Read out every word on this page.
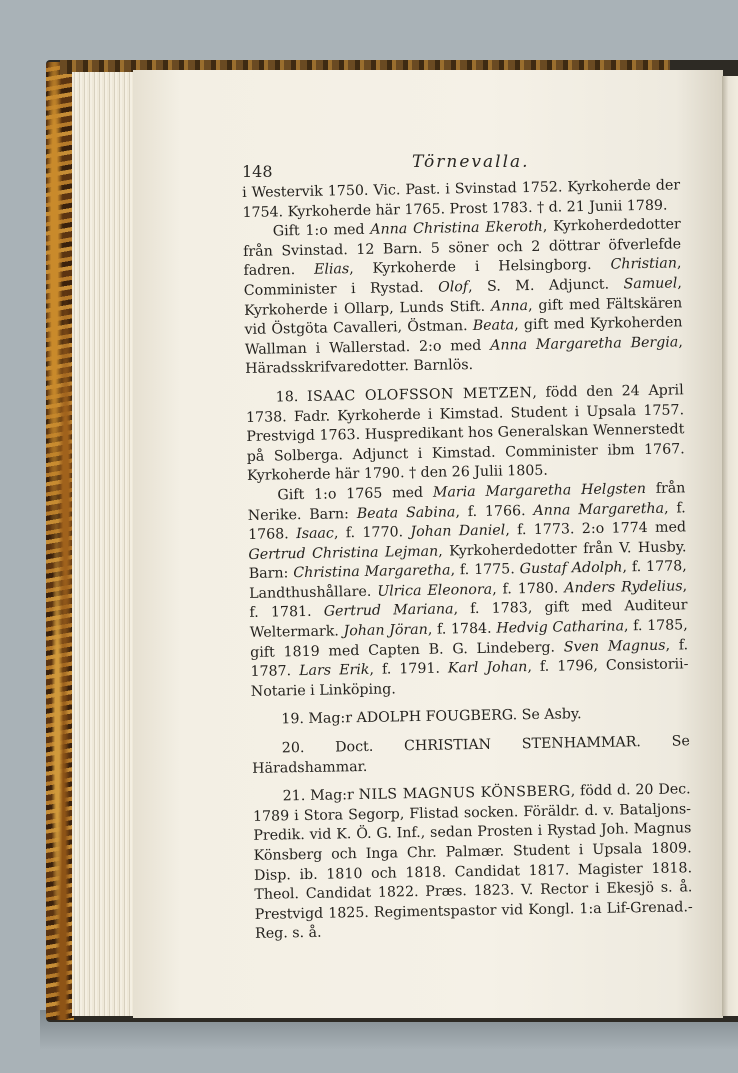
148	Törnevalla.

i Westervik 1750. Vic. Past. i Svinstad 1752. Kyrkoherde der 1754. Kyrkoherde här 1765. Prost 1783. † d. 21 Junii 1789.

Gift 1:o med Anna Christina Ekeroth, Kyrkoherdedotter från Svinstad. 12 Barn. 5 söner och 2 döttrar öfverlefde fadren. Elias, Kyrkoherde i Helsingborg. Christian, Comminister i Rystad. Olof, S. M. Adjunct. Samuel, Kyrkoherde i Ollarp, Lunds Stift. Anna, gift med Fältskären vid Östgöta Cavalleri, Östman. Beata, gift med Kyrkoherden Wallman i Wallerstad. 2:o med Anna Margaretha Bergia, Häradsskrifvaredotter. Barnlös.

18. ISAAC OLOFSSON METZEN, född den 24 April 1738. Fadr. Kyrkoherde i Kimstad. Student i Upsala 1757. Prestvigd 1763. Huspredikant hos Generalskan Wennerstedt på Solberga. Adjunct i Kimstad. Comminister ibm 1767. Kyrkoherde här 1790. † den 26 Julii 1805.

Gift 1:o 1765 med Maria Margaretha Helgsten från Nerike. Barn: Beata Sabina, f. 1766. Anna Margaretha, f. 1768. Isaac, f. 1770. Johan Daniel, f. 1773. 2:o 1774 med Gertrud Christina Lejman, Kyrkoherdedotter från V. Husby. Barn: Christina Margaretha, f. 1775. Gustaf Adolph, f. 1778, Landthushållare. Ulrica Eleonora, f. 1780. Anders Rydelius, f. 1781. Gertrud Mariana, f. 1783, gift med Auditeur Weltermark. Johan Jöran, f. 1784. Hedvig Catharina, f. 1785, gift 1819 med Capten B. G. Lindeberg. Sven Magnus, f. 1787. Lars Erik, f. 1791. Karl Johan, f. 1796, Consistorii-Notarie i Linköping.

19. Mag:r ADOLPH FOUGBERG. Se Asby.

20. Doct. CHRISTIAN STENHAMMAR. Se Häradshammar.

21. Mag:r NILS MAGNUS KÖNSBERG, född d. 20 Dec. 1789 i Stora Segorp, Flistad socken. Föräldr. d. v. Bataljons-Predik. vid K. Ö. G. Inf., sedan Prosten i Rystad Joh. Magnus Könsberg och Inga Chr. Palmær. Student i Upsala 1809. Disp. ib. 1810 och 1818. Candidat 1817. Magister 1818. Theol. Candidat 1822. Præs. 1823. V. Rector i Ekesjö s. å. Prestvigd 1825. Regimentspastor vid Kongl. 1:a Lif-Grenad.-Reg. s. å.
